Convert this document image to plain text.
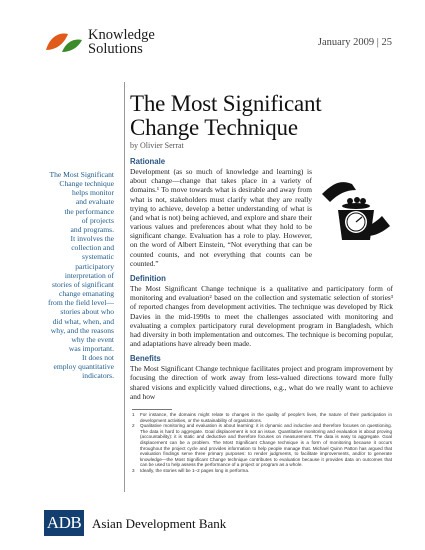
Knowledge
Solutions	January 2009 | 25
The Most Significant
Change Technique
by Olivier Serrat
The Most Significant
Change technique
helps monitor
and evaluate
the performance
of projects
and programs.
It involves the
collection and
systematic
participatory
interpretation of
stories of significant
change emanating
from the field level—
stories about who
did what, when, and
why, and the reasons
why the event
was important.
It does not
employ quantitative
indicators.
Rationale

Development (as so much of knowledge and learning) is about change—change that takes place in a variety of domains.¹ To move towards what is desirable and away from what is not, stakeholders must clarify what they are really trying to achieve, develop a better understanding of what is (and what is not) being achieved, and explore and share their various values and preferences about what they hold to be significant change. Evaluation has a role to play. However, on the word of Albert Einstein, “Not everything that can be counted counts, and not everything that counts can be counted.”

Definition

The Most Significant Change technique is a qualitative and participatory form of monitoring and evaluation² based on the collection and systematic selection of stories³ of reported changes from development activities. The technique was developed by Rick Davies in the mid-1990s to meet the challenges associated with monitoring and evaluating a complex participatory rural development program in Bangladesh, which had diversity in both implementation and outcomes. The technique is becoming popular, and adaptations have already been made.

Benefits

The Most Significant Change technique facilitates project and program improvement by focusing the direction of work away from less-valued directions toward more fully shared visions and explicitly valued directions, e.g., what do we really want to achieve and how

1	For instance, the domains might relate to changes in the quality of people's lives, the nature of their participation in development activities, or the sustainability of organizations.
2	Qualitative monitoring and evaluation is about learning: it is dynamic and inductive and therefore focuses on questioning. The data is hard to aggregate. Goal displacement is not an issue. Quantitative monitoring and evaluation is about proving (accountability): it is static and deductive and therefore focuses on measurement. The data is easy to aggregate. Goal displacement can be a problem. The Most Significant Change technique is a form of monitoring because it occurs throughout the project cycle and provides information to help people manage that. Michael Quinn Patton has argued that evaluation findings serve three primary purposes: to render judgments, to facilitate improvements, and/or to generate knowledge—the Most Significant Change technique contributes to evaluation because it provides data on outcomes that can be used to help assess the performance of a project or program as a whole.
3	Ideally, the stories will be 1–2 pages long in performa.
ADB Asian Development Bank
